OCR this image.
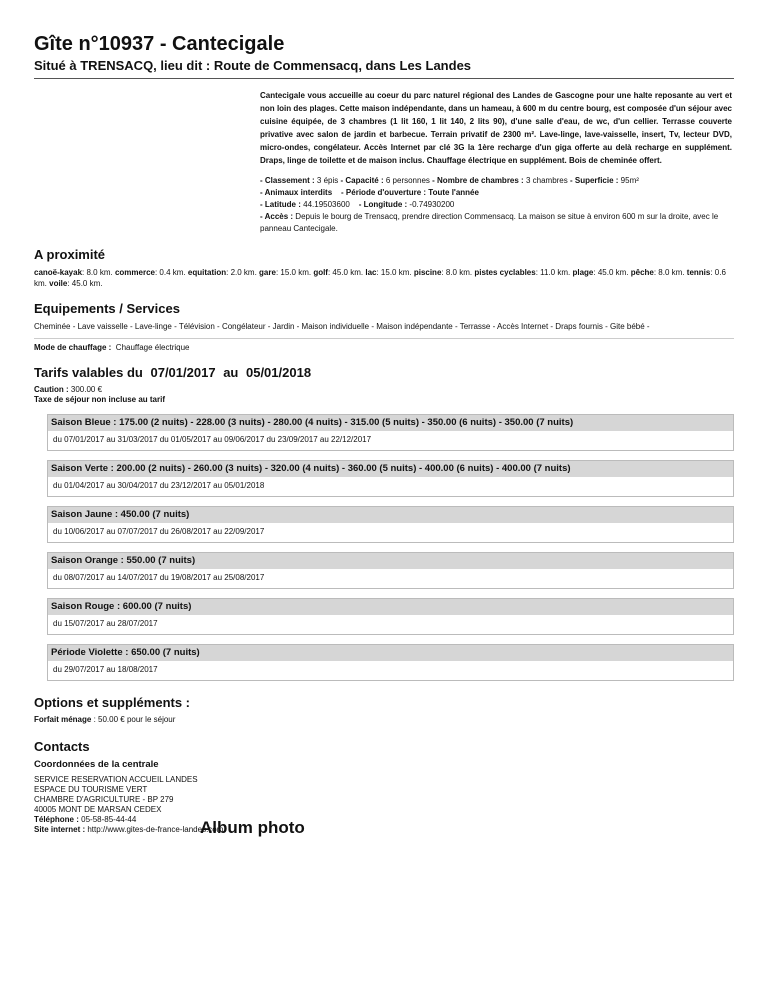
Gîte n°10937 - Cantecigale
Situé à TRENSACQ, lieu dit : Route de Commensacq, dans Les Landes
Cantecigale vous accueille au coeur du parc naturel régional des Landes de Gascogne pour une halte reposante au vert et non loin des plages. Cette maison indépendante, dans un hameau, à 600 m du centre bourg, est composée d'un séjour avec cuisine équipée, de 3 chambres (1 lit 160, 1 lit 140, 2 lits 90), d'une salle d'eau, de wc, d'un cellier. Terrasse couverte privative avec salon de jardin et barbecue. Terrain privatif de 2300 m². Lave-linge, lave-vaisselle, insert, Tv, lecteur DVD, micro-ondes, congélateur. Accès Internet par clé 3G la 1ère recharge d'un giga offerte au delà recharge en supplément. Draps, linge de toilette et de maison inclus. Chauffage électrique en supplément. Bois de cheminée offert.
- Classement : 3 épis - Capacité : 6 personnes - Nombre de chambres : 3 chambres - Superficie : 95m²
- Animaux interdits - Période d'ouverture : Toute l'année
- Latitude : 44.19503600 - Longitude : -0.74930200
- Accès : Depuis le bourg de Trensacq, prendre direction Commensacq. La maison se situe à environ 600 m sur la droite, avec le panneau Cantecigale.
A proximité
canoë-kayak: 8.0 km. commerce: 0.4 km. equitation: 2.0 km. gare: 15.0 km. golf: 45.0 km. lac: 15.0 km. piscine: 8.0 km. pistes cyclables: 11.0 km. plage: 45.0 km. pêche: 8.0 km. tennis: 0.6 km. voile: 45.0 km.
Equipements / Services
Cheminée - Lave vaisselle - Lave-linge - Télévision - Congélateur - Jardin - Maison individuelle - Maison indépendante - Terrasse - Accès Internet - Draps fournis - Gite bébé -
Mode de chauffage : Chauffage électrique
Tarifs valables du 07/01/2017 au 05/01/2018
Caution : 300.00 €
Taxe de séjour non incluse au tarif
Saison Bleue : 175.00 (2 nuits) - 228.00 (3 nuits) - 280.00 (4 nuits) - 315.00 (5 nuits) - 350.00 (6 nuits) - 350.00 (7 nuits)
du 07/01/2017 au 31/03/2017 du 01/05/2017 au 09/06/2017 du 23/09/2017 au 22/12/2017
Saison Verte : 200.00 (2 nuits) - 260.00 (3 nuits) - 320.00 (4 nuits) - 360.00 (5 nuits) - 400.00 (6 nuits) - 400.00 (7 nuits)
du 01/04/2017 au 30/04/2017 du 23/12/2017 au 05/01/2018
Saison Jaune : 450.00 (7 nuits)
du 10/06/2017 au 07/07/2017 du 26/08/2017 au 22/09/2017
Saison Orange : 550.00 (7 nuits)
du 08/07/2017 au 14/07/2017 du 19/08/2017 au 25/08/2017
Saison Rouge : 600.00 (7 nuits)
du 15/07/2017 au 28/07/2017
Période Violette : 650.00 (7 nuits)
du 29/07/2017 au 18/08/2017
Options et suppléments :
Forfait ménage : 50.00 € pour le séjour
Contacts
Coordonnées de la centrale
SERVICE RESERVATION ACCUEIL LANDES
ESPACE DU TOURISME VERT
CHAMBRE D'AGRICULTURE - BP 279
40005 MONT DE MARSAN CEDEX
Téléphone : 05-58-85-44-44
Site internet : http://www.gites-de-france-landes.com
Album photo
